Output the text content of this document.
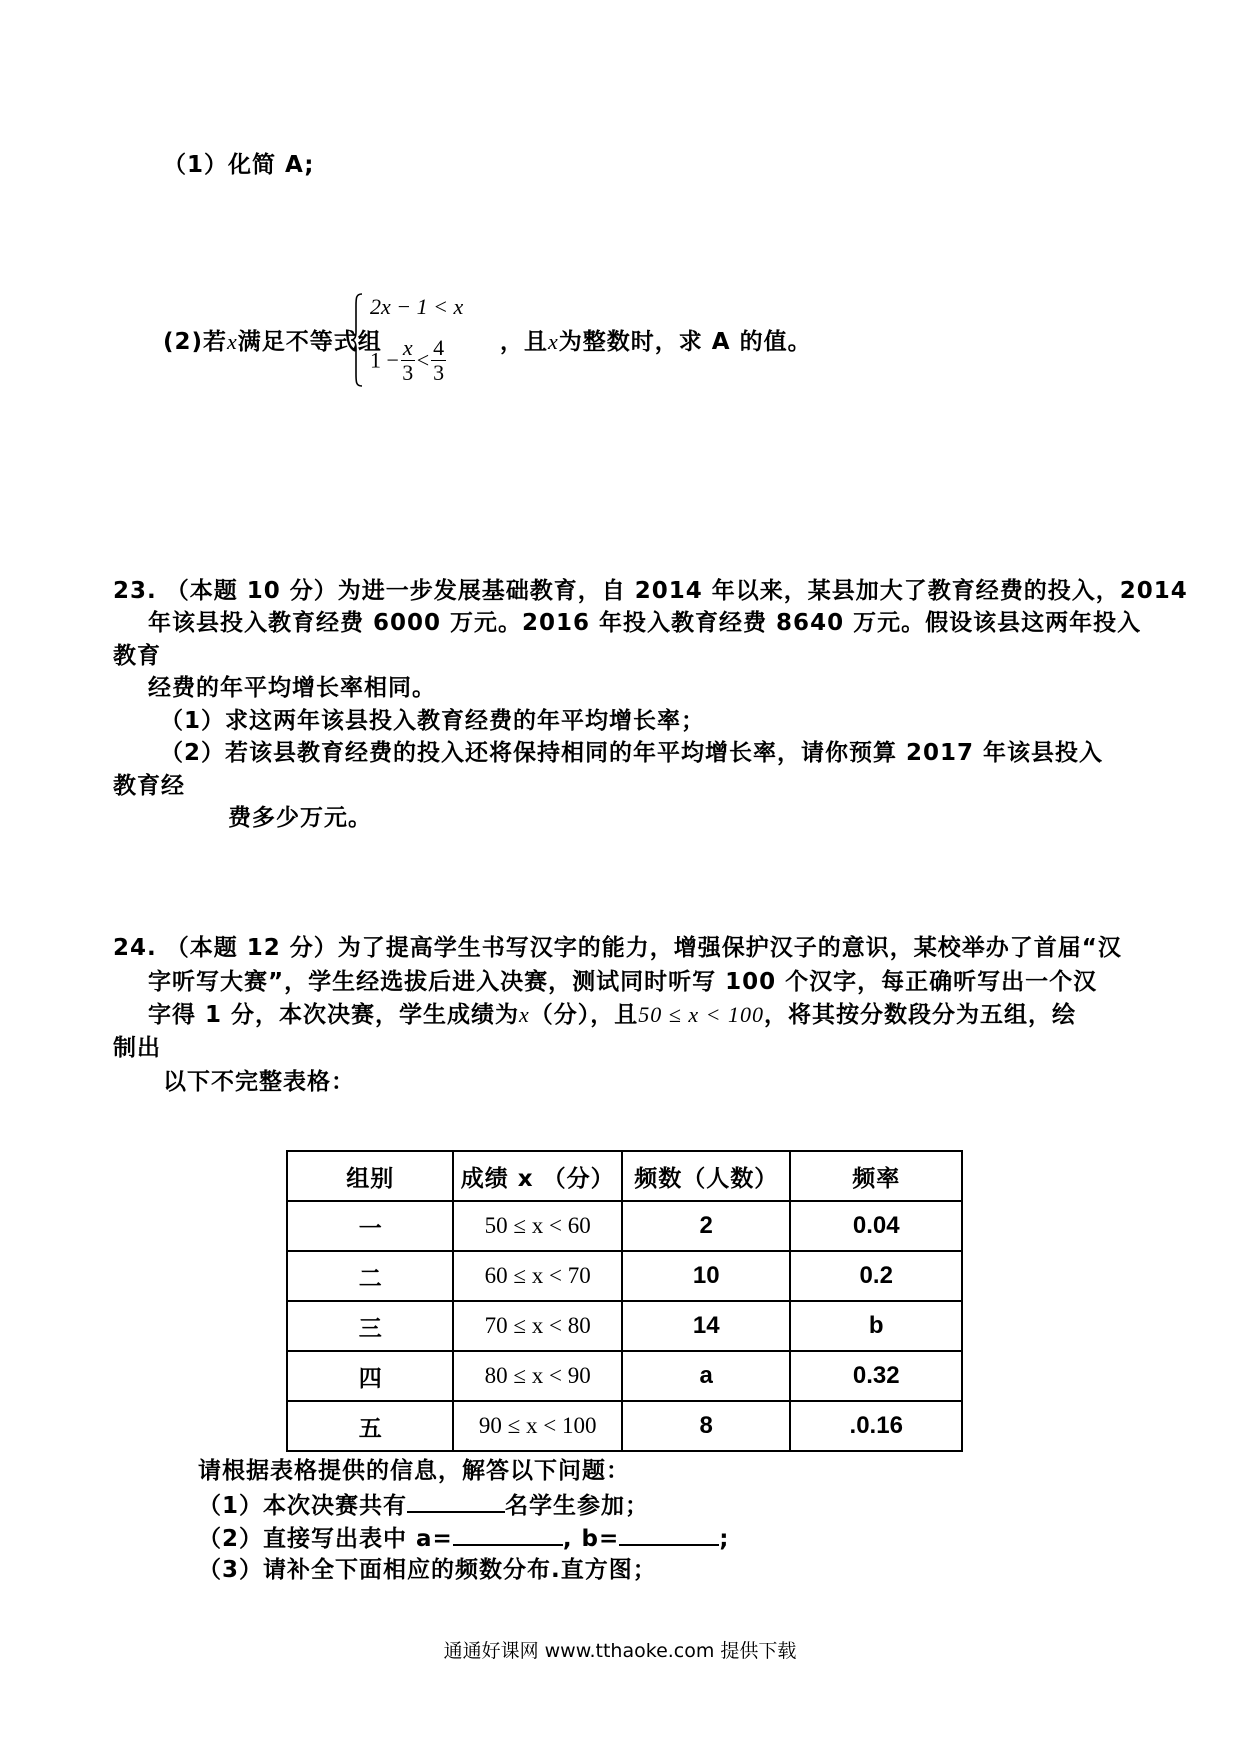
（1）化简 A;
(2)若x满足不等式组
2x − 1 < x
$1 - \frac{x}{3} < \frac{4}{3}$ ，且x为整数时，求 A 的值。
23. （本题 10 分）为进一步发展基础教育，自 2014 年以来，某县加大了教育经费的投入，2014
年该县投入教育经费 6000 万元。2016 年投入教育经费 8640 万元。假设该县这两年投入
教育
经费的年平均增长率相同。
（1）求这两年该县投入教育经费的年平均增长率；
（2）若该县教育经费的投入还将保持相同的年平均增长率，请你预算 2017 年该县投入
教育经
费多少万元。
24. （本题 12 分）为了提高学生书写汉字的能力，增强保护汉子的意识，某校举办了首届“汉
字听写大赛”，学生经选拔后进入决赛，测试同时听写 100 个汉字，每正确听写出一个汉
字得 1 分，本次决赛，学生成绩为x（分），且50 ≤ x < 100，将其按分数段分为五组，绘
制出
以下不完整表格：
组别	成绩 x （分）	频数（人数）	频率
一	50 ≤ x < 60	2	0.04
二	60 ≤ x < 70	10	0.2
三	70 ≤ x < 80	14	b
四	80 ≤ x < 90	a	0.32
五	90 ≤ x < 100	8	.0.16
请根据表格提供的信息，解答以下问题：
（1）本次决赛共有	名学生参加；
（2）直接写出表中 a=	, b=	;
（3）请补全下面相应的频数分布.直方图；
通通好课网 www.tthaoke.com 提供下载
